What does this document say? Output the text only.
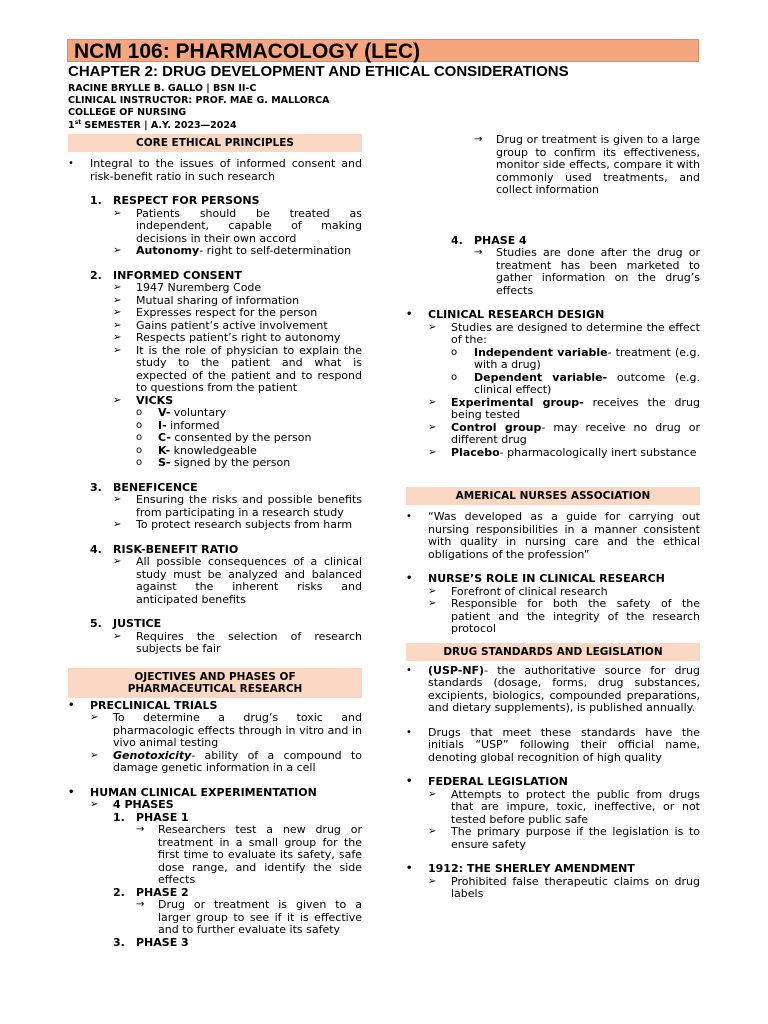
NCM 106: PHARMACOLOGY (LEC)
CHAPTER 2: DRUG DEVELOPMENT AND ETHICAL CONSIDERATIONS
RACINE BRYLLE B. GALLO | BSN II-C
CLINICAL INSTRUCTOR: PROF. MAE G. MALLORCA
COLLEGE OF NURSING
1st SEMESTER | A.Y. 2023—2024
CORE ETHICAL PRINCIPLES
• Integral to the issues of informed consent and risk-benefit ratio in such research
1. RESPECT FOR PERSONS
➢ Patients should be treated as independent, capable of making decisions in their own accord
➢ Autonomy- right to self-determination
2. INFORMED CONSENT
➢ 1947 Nuremberg Code
➢ Mutual sharing of information
➢ Expresses respect for the person
➢ Gains patient’s active involvement
➢ Respects patient’s right to autonomy
➢ It is the role of physician to explain the study to the patient and what is expected of the patient and to respond to questions from the patient
➢ VICKS
o V- voluntary
o I- informed
o C- consented by the person
o K- knowledgeable
o S- signed by the person
3. BENEFICENCE
➢ Ensuring the risks and possible benefits from participating in a research study
➢ To protect research subjects from harm
4. RISK-BENEFIT RATIO
➢ All possible consequences of a clinical study must be analyzed and balanced against the inherent risks and anticipated benefits
5. JUSTICE
➢ Requires the selection of research subjects be fair
OJECTIVES AND PHASES OF
PHARMACEUTICAL RESEARCH
• PRECLINICAL TRIALS
➢ To determine a drug’s toxic and pharmacologic effects through in vitro and in vivo animal testing
➢ Genotoxicity- ability of a compound to damage genetic information in a cell
• HUMAN CLINICAL EXPERIMENTATION
➢ 4 PHASES
1. PHASE 1
→ Researchers test a new drug or treatment in a small group for the first time to evaluate its safety, safe dose range, and identify the side effects
2. PHASE 2
→ Drug or treatment is given to a larger group to see if it is effective and to further evaluate its safety
3. PHASE 3
→ Drug or treatment is given to a large group to confirm its effectiveness, monitor side effects, compare it with commonly used treatments, and collect information
4. PHASE 4
→ Studies are done after the drug or treatment has been marketed to gather information on the drug’s effects
• CLINICAL RESEARCH DESIGN
➢ Studies are designed to determine the effect of the:
o Independent variable- treatment (e.g. with a drug)
o Dependent variable- outcome (e.g. clinical effect)
➢ Experimental group- receives the drug being tested
➢ Control group- may receive no drug or different drug
➢ Placebo- pharmacologically inert substance
AMERICAL NURSES ASSOCIATION
• “Was developed as a guide for carrying out nursing responsibilities in a manner consistent with quality in nursing care and the ethical obligations of the profession”
• NURSE’S ROLE IN CLINICAL RESEARCH
➢ Forefront of clinical research
➢ Responsible for both the safety of the patient and the integrity of the research protocol
DRUG STANDARDS AND LEGISLATION
• (USP-NF)- the authoritative source for drug standards (dosage, forms, drug substances, excipients, biologics, compounded preparations, and dietary supplements), is published annually.
• Drugs that meet these standards have the initials “USP” following their official name, denoting global recognition of high quality
• FEDERAL LEGISLATION
➢ Attempts to protect the public from drugs that are impure, toxic, ineffective, or not tested before public safe
➢ The primary purpose if the legislation is to ensure safety
• 1912: THE SHERLEY AMENDMENT
➢ Prohibited false therapeutic claims on drug labels
